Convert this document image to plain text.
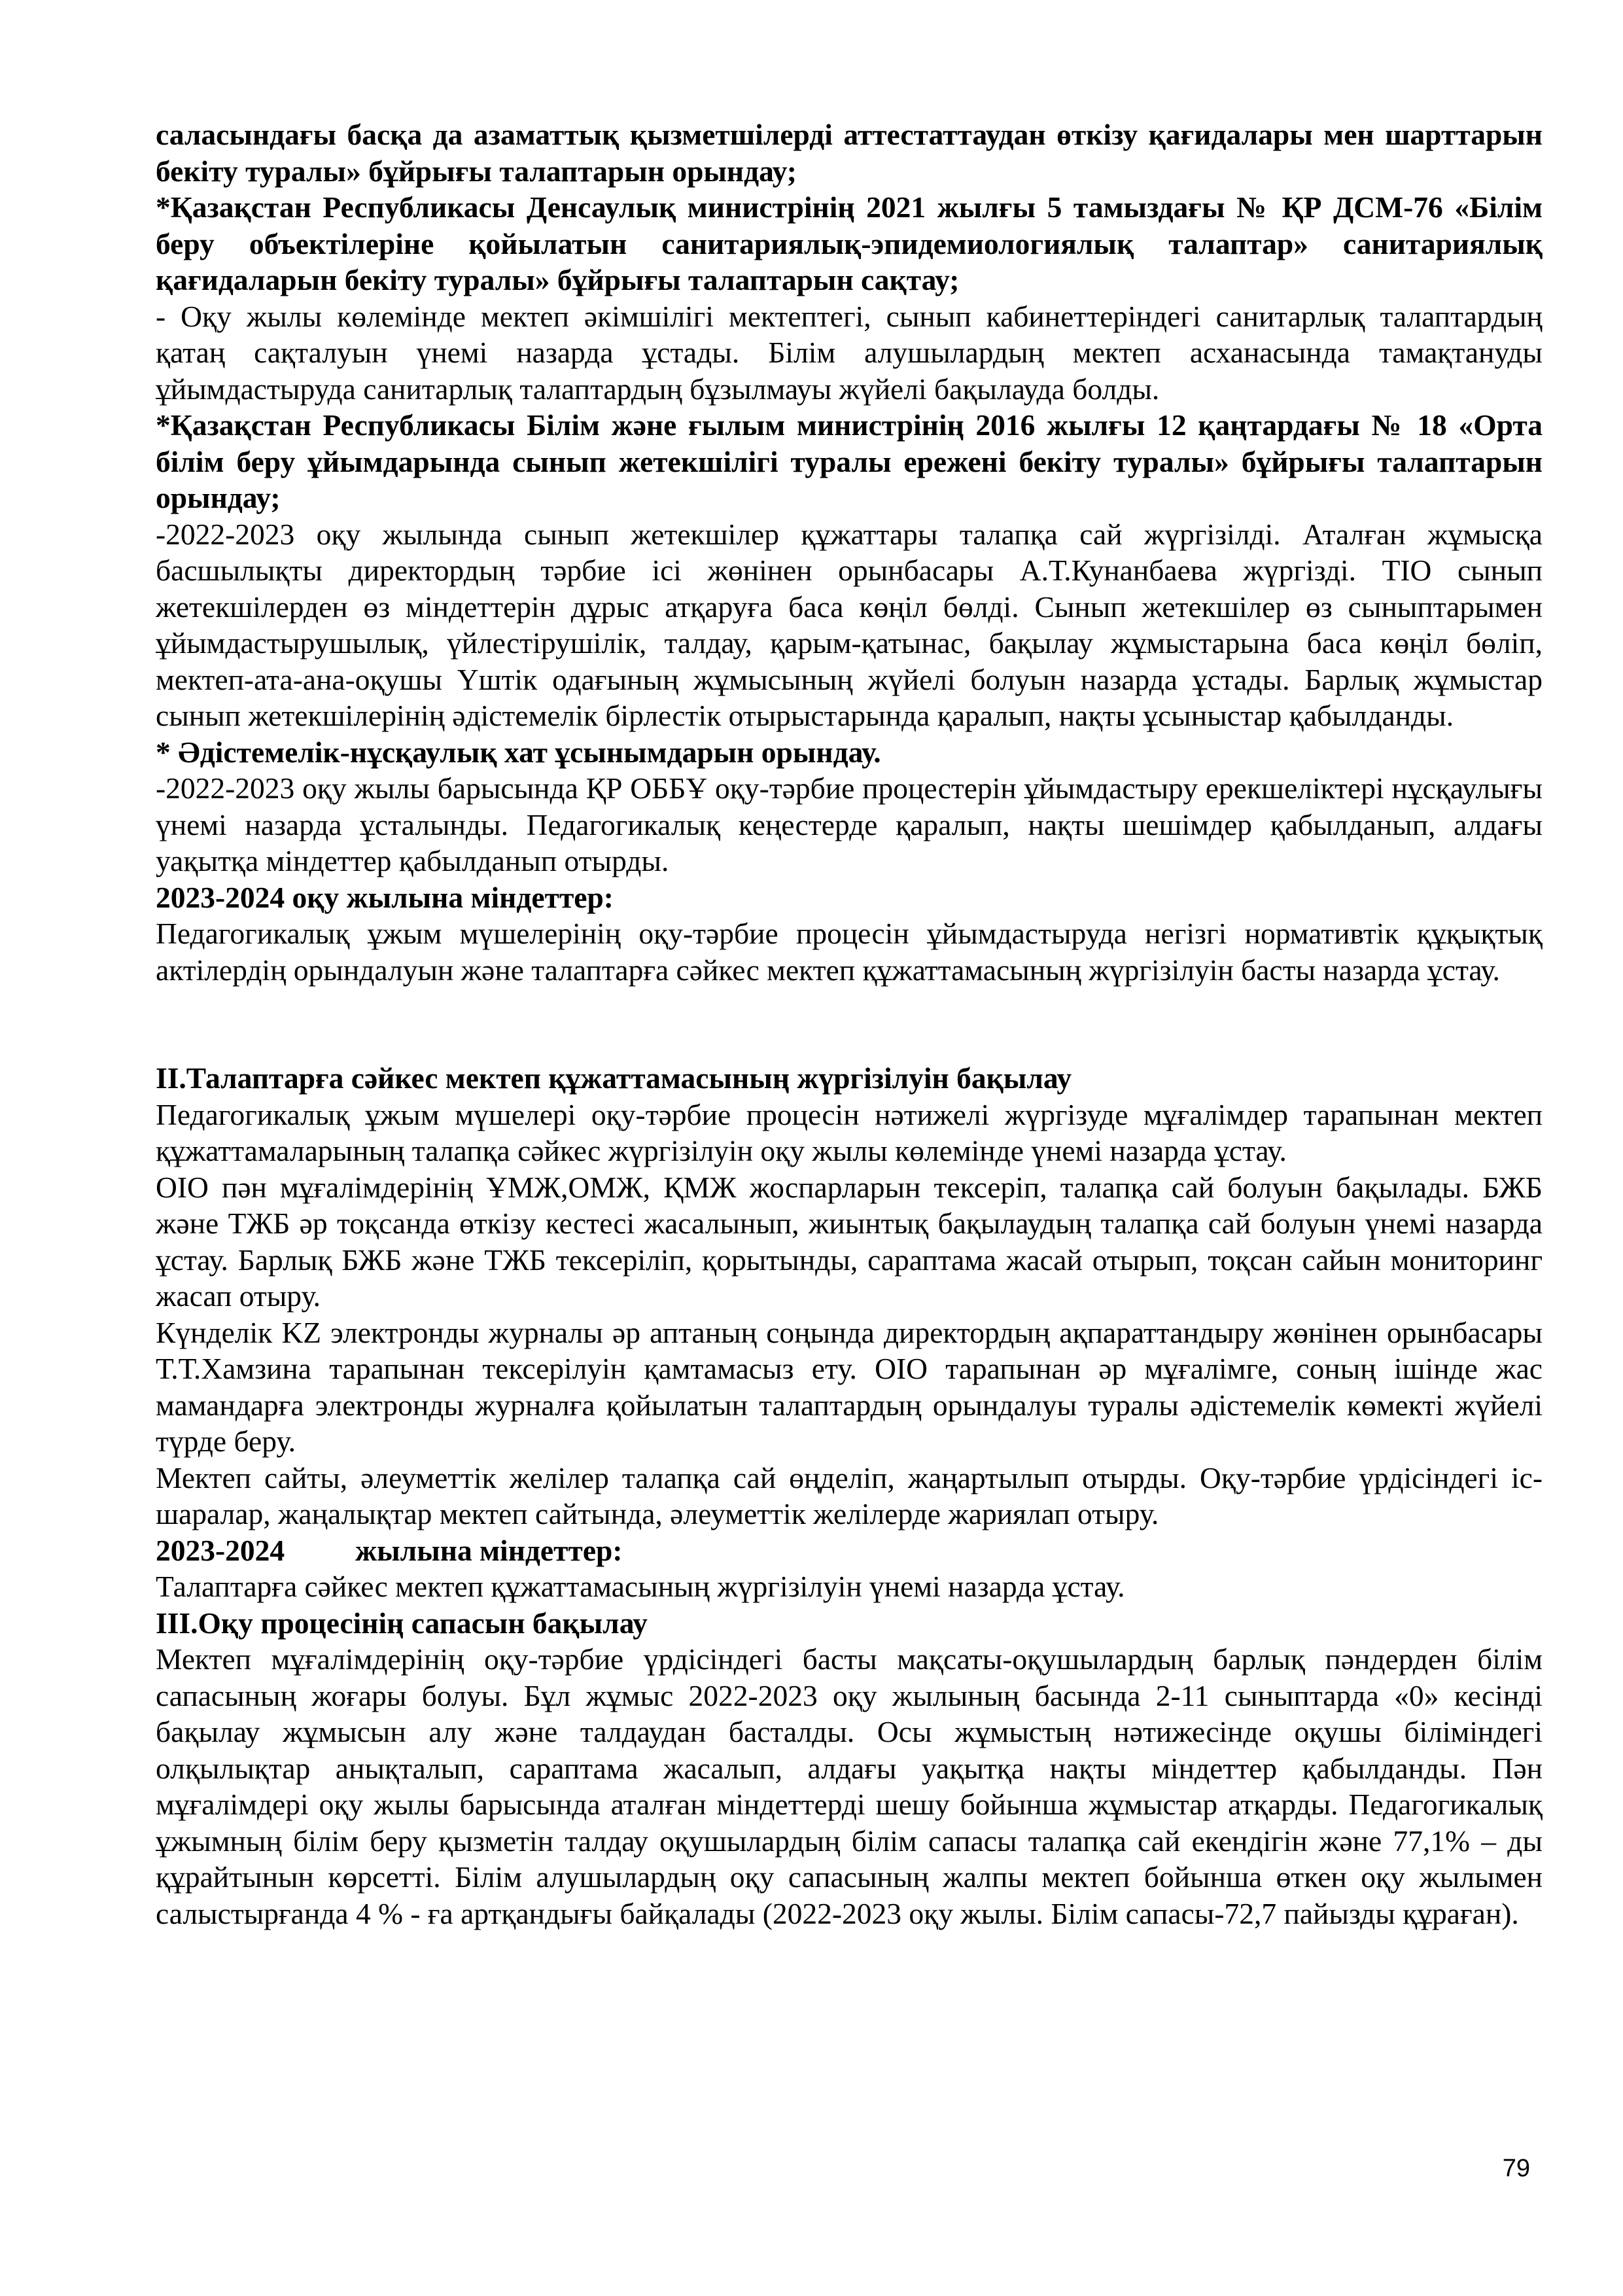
саласындағы басқа да азаматтық қызметшілерді аттестаттаудан өткізу қағидалары мен шарттарын бекіту туралы» бұйрығы талаптарын орындау;

*Қазақстан Республикасы Денсаулық министрінің 2021 жылғы 5 тамыздағы № ҚР ДСМ-76 «Білім беру объектілеріне қойылатын санитариялық-эпидемиологиялық талаптар» санитариялық қағидаларын бекіту туралы» бұйрығы талаптарын сақтау;

- Оқу жылы көлемінде мектеп әкімшілігі мектептегі, сынып кабинеттеріндегі санитарлық талаптардың қатаң сақталуын үнемі назарда ұстады. Білім алушылардың мектеп асханасында тамақтануды ұйымдастыруда санитарлық талаптардың бұзылмауы жүйелі бақылауда болды.

*Қазақстан Республикасы Білім және ғылым министрінің 2016 жылғы 12 қаңтардағы № 18 «Орта білім беру ұйымдарында сынып жетекшілігі туралы ережені бекіту туралы» бұйрығы талаптарын орындау;

-2022-2023 оқу жылында сынып жетекшілер құжаттары талапқа сай жүргізілді. Аталған жұмысқа басшылықты директордың тәрбие ісі жөнінен орынбасары А.Т.Кунанбаева жүргізді. ТІО сынып жетекшілерден өз міндеттерін дұрыс атқаруға баса көңіл бөлді. Сынып жетекшілер өз сыныптарымен ұйымдастырушылық, үйлестірушілік, талдау, қарым-қатынас, бақылау жұмыстарына баса көңіл бөліп, мектеп-ата-ана-оқушы Үштік одағының жұмысының жүйелі болуын назарда ұстады. Барлық жұмыстар сынып жетекшілерінің әдістемелік бірлестік отырыстарында қаралып, нақты ұсыныстар қабылданды.

* Әдістемелік-нұсқаулық хат ұсынымдарын орындау.

-2022-2023 оқу жылы барысында ҚР ОББҰ оқу-тәрбие процестерін ұйымдастыру ерекшеліктері нұсқаулығы үнемі назарда ұсталынды. Педагогикалық кеңестерде қаралып, нақты шешімдер қабылданып, алдағы уақытқа міндеттер қабылданып отырды.

2023-2024 оқу жылына міндеттер:

Педагогикалық ұжым мүшелерінің оқу-тәрбие процесін ұйымдастыруда негізгі нормативтік құқықтық актілердің орындалуын және талаптарға сәйкес мектеп құжаттамасының жүргізілуін басты назарда ұстау.

ІІ.Талаптарға сәйкес мектеп құжаттамасының жүргізілуін бақылау

Педагогикалық ұжым мүшелері оқу-тәрбие процесін нәтижелі жүргізуде мұғалімдер тарапынан мектеп құжаттамаларының талапқа сәйкес жүргізілуін оқу жылы көлемінде үнемі назарда ұстау.

ОІО пән мұғалімдерінің ҰМЖ,ОМЖ, ҚМЖ жоспарларын тексеріп, талапқа сай болуын бақылады. БЖБ және ТЖБ әр тоқсанда өткізу кестесі жасалынып, жиынтық бақылаудың талапқа сай болуын үнемі назарда ұстау. Барлық БЖБ және ТЖБ тексеріліп, қорытынды, сараптама жасай отырып, тоқсан сайын мониторинг жасап отыру.

Күнделік KZ электронды журналы әр аптаның соңында директордың ақпараттандыру жөнінен орынбасары Т.Т.Хамзина тарапынан тексерілуін қамтамасыз ету. ОІО тарапынан әр мұғалімге, соның ішінде жас мамандарға электронды журналға қойылатын талаптардың орындалуы туралы әдістемелік көмекті жүйелі түрде беру.

Мектеп сайты, әлеуметтік желілер талапқа сай өңделіп, жаңартылып отырды. Оқу-тәрбие үрдісіндегі іс-шаралар, жаңалықтар мектеп сайтында, әлеуметтік желілерде жариялап отыру.

2023-2024 жылына міндеттер:

Талаптарға сәйкес мектеп құжаттамасының жүргізілуін үнемі назарда ұстау.

ІІІ.Оқу процесінің сапасын бақылау

Мектеп мұғалімдерінің оқу-тәрбие үрдісіндегі басты мақсаты-оқушылардың барлық пәндерден білім сапасының жоғары болуы. Бұл жұмыс 2022-2023 оқу жылының басында 2-11 сыныптарда «0» кесінді бақылау жұмысын алу және талдаудан басталды. Осы жұмыстың нәтижесінде оқушы біліміндегі олқылықтар анықталып, сараптама жасалып, алдағы уақытқа нақты міндеттер қабылданды. Пән мұғалімдері оқу жылы барысында аталған міндеттерді шешу бойынша жұмыстар атқарды. Педагогикалық ұжымның білім беру қызметін талдау оқушылардың білім сапасы талапқа сай екендігін және 77,1% – ды құрайтынын көрсетті. Білім алушылардың оқу сапасының жалпы мектеп бойынша өткен оқу жылымен салыстырғанда 4 % - ға артқандығы байқалады (2022-2023 оқу жылы. Білім сапасы-72,7 пайызды құраған).

79
